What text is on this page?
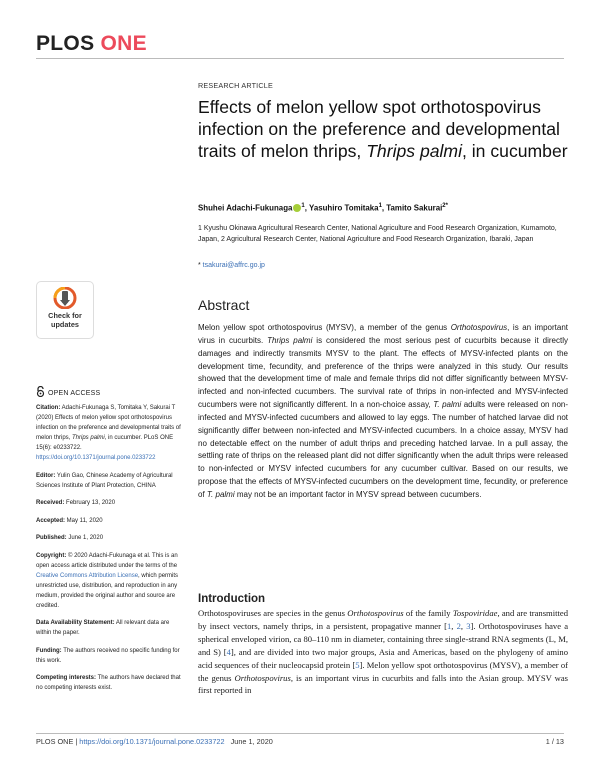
PLOS ONE
RESEARCH ARTICLE
Effects of melon yellow spot orthotospovirus infection on the preference and developmental traits of melon thrips, Thrips palmi, in cucumber
Shuhei Adachi-Fukunaga $^1$, Yasuhiro Tomitaka$^1$, Tamito Sakurai$^{2*}$
1 Kyushu Okinawa Agricultural Research Center, National Agriculture and Food Research Organization, Kumamoto, Japan, 2 Agricultural Research Center, National Agriculture and Food Research Organization, Ibaraki, Japan
* tsakurai@affrc.go.jp
Abstract
Melon yellow spot orthotospovirus (MYSV), a member of the genus Orthotospovirus, is an important virus in cucurbits. Thrips palmi is considered the most serious pest of cucurbits because it directly damages and indirectly transmits MYSV to the plant. The effects of MYSV-infected plants on the development time, fecundity, and preference of the thrips were analyzed in this study. Our results showed that the development time of male and female thrips did not differ significantly between MYSV-infected and non-infected cucumbers. The survival rate of thrips in non-infected and MYSV-infected cucumbers were not significantly different. In a non-choice assay, T. palmi adults were released on non-infected and MYSV-infected cucumbers and allowed to lay eggs. The number of hatched larvae did not significantly differ between non-infected and MYSV-infected cucumbers. In a choice assay, MYSV had no detectable effect on the number of adult thrips and preceding hatched larvae. In a pull assay, the settling rate of thrips on the released plant did not differ significantly when the adult thrips were released to non-infected or MYSV infected cucumbers for any cucumber cultivar. Based on our results, we propose that the effects of MYSV-infected cucumbers on the development time, fecundity, or preference of T. palmi may not be an important factor in MYSV spread between cucumbers.
Introduction
Orthotospoviruses are species in the genus Orthotospovirus of the family Tospoviridae, and are transmitted by insect vectors, namely thrips, in a persistent, propagative manner [1, 2, 3]. Orthotospoviruses have a spherical enveloped virion, ca 80–110 nm in diameter, containing three single-strand RNA segments (L, M, and S) [4], and are divided into two major groups, Asia and Americas, based on the phylogeny of amino acid sequences of their nucleocapsid protein [5]. Melon yellow spot orthotospovirus (MYSV), a member of the genus Orthotospovirus, is an important virus in cucurbits and falls into the Asian group. MYSV was first reported in
Check for
updates
OPEN ACCESS

Citation: Adachi-Fukunaga S, Tomitaka Y, Sakurai T (2020) Effects of melon yellow spot orthotospovirus infection on the preference and developmental traits of melon thrips, Thrips palmi, in cucumber. PLoS ONE 15(6): e0233722. https://doi.org/10.1371/journal.pone.0233722

Editor: Yulin Gao, Chinese Academy of Agricultural Sciences Institute of Plant Protection, CHINA

Received: February 13, 2020

Accepted: May 11, 2020

Published: June 1, 2020

Copyright: © 2020 Adachi-Fukunaga et al. This is an open access article distributed under the terms of the Creative Commons Attribution License, which permits unrestricted use, distribution, and reproduction in any medium, provided the original author and source are credited.

Data Availability Statement: All relevant data are within the paper.

Funding: The authors received no specific funding for this work.

Competing interests: The authors have declared that no competing interests exist.

PLOS ONE | https://doi.org/10.1371/journal.pone.0233722 June 1, 2020	1 / 13
